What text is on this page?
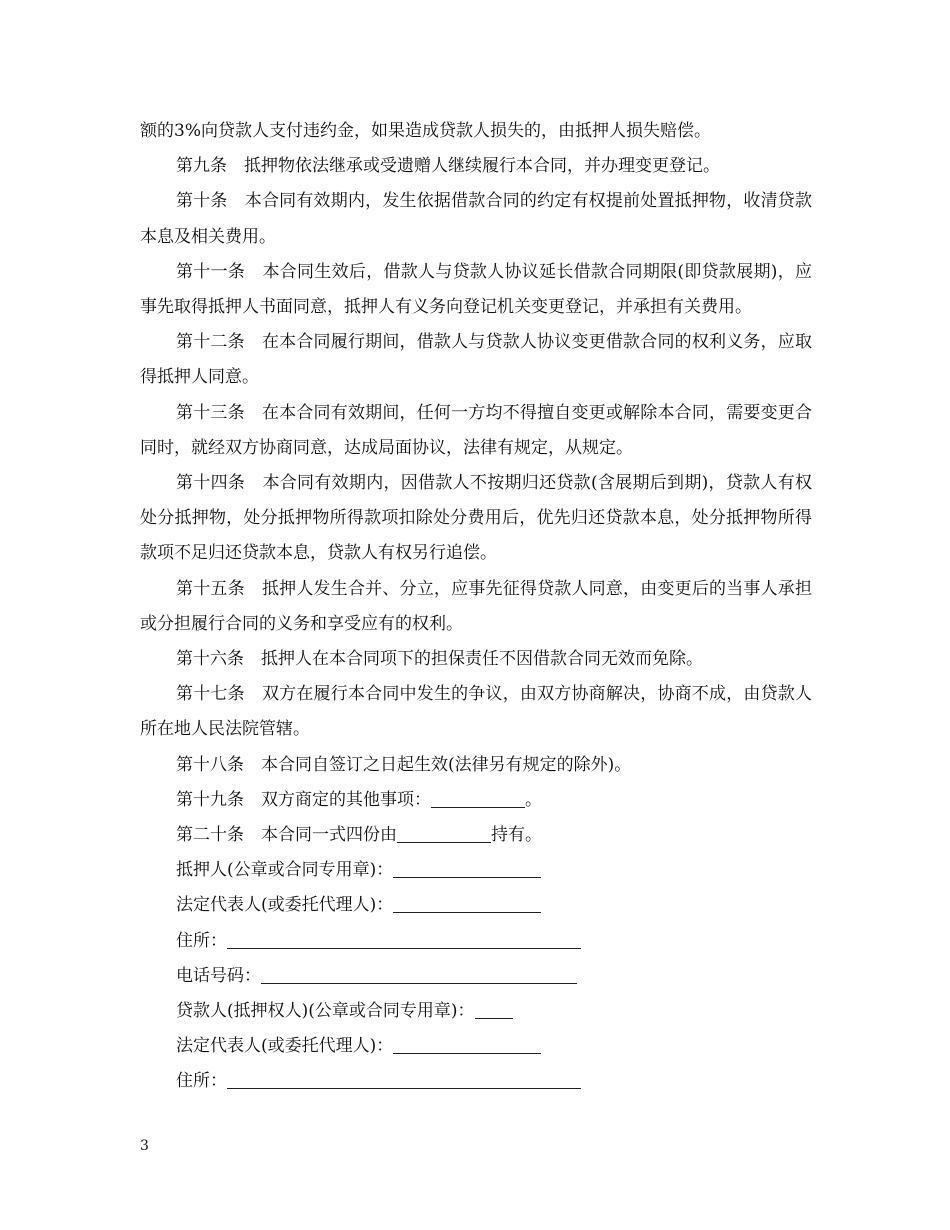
额的3%向贷款人支付违约金，如果造成贷款人损失的，由抵押人损失赔偿。

第九条　抵押物依法继承或受遗赠人继续履行本合同，并办理变更登记。

第十条　本合同有效期内，发生依据借款合同的约定有权提前处置抵押物，收清贷款本息及相关费用。

第十一条　本合同生效后，借款人与贷款人协议延长借款合同期限(即贷款展期)，应事先取得抵押人书面同意，抵押人有义务向登记机关变更登记，并承担有关费用。

第十二条　在本合同履行期间，借款人与贷款人协议变更借款合同的权利义务，应取得抵押人同意。

第十三条　在本合同有效期间，任何一方均不得擅自变更或解除本合同，需要变更合同时，就经双方协商同意，达成局面协议，法律有规定，从规定。

第十四条　本合同有效期内，因借款人不按期归还贷款(含展期后到期)，贷款人有权处分抵押物，处分抵押物所得款项扣除处分费用后，优先归还贷款本息，处分抵押物所得款项不足归还贷款本息，贷款人有权另行追偿。

第十五条　抵押人发生合并、分立，应事先征得贷款人同意，由变更后的当事人承担或分担履行合同的义务和享受应有的权利。

第十六条　抵押人在本合同项下的担保责任不因借款合同无效而免除。

第十七条　双方在履行本合同中发生的争议，由双方协商解决，协商不成，由贷款人所在地人民法院管辖。

第十八条　本合同自签订之日起生效(法律另有规定的除外)。

第十九条　双方商定的其他事项：	。

第二十条　本合同一式四份由	持有。

抵押人(公章或合同专用章)：

法定代表人(或委托代理人)：

住所：

电话号码：

贷款人(抵押权人)(公章或合同专用章)：

法定代表人(或委托代理人)：

住所：

3
